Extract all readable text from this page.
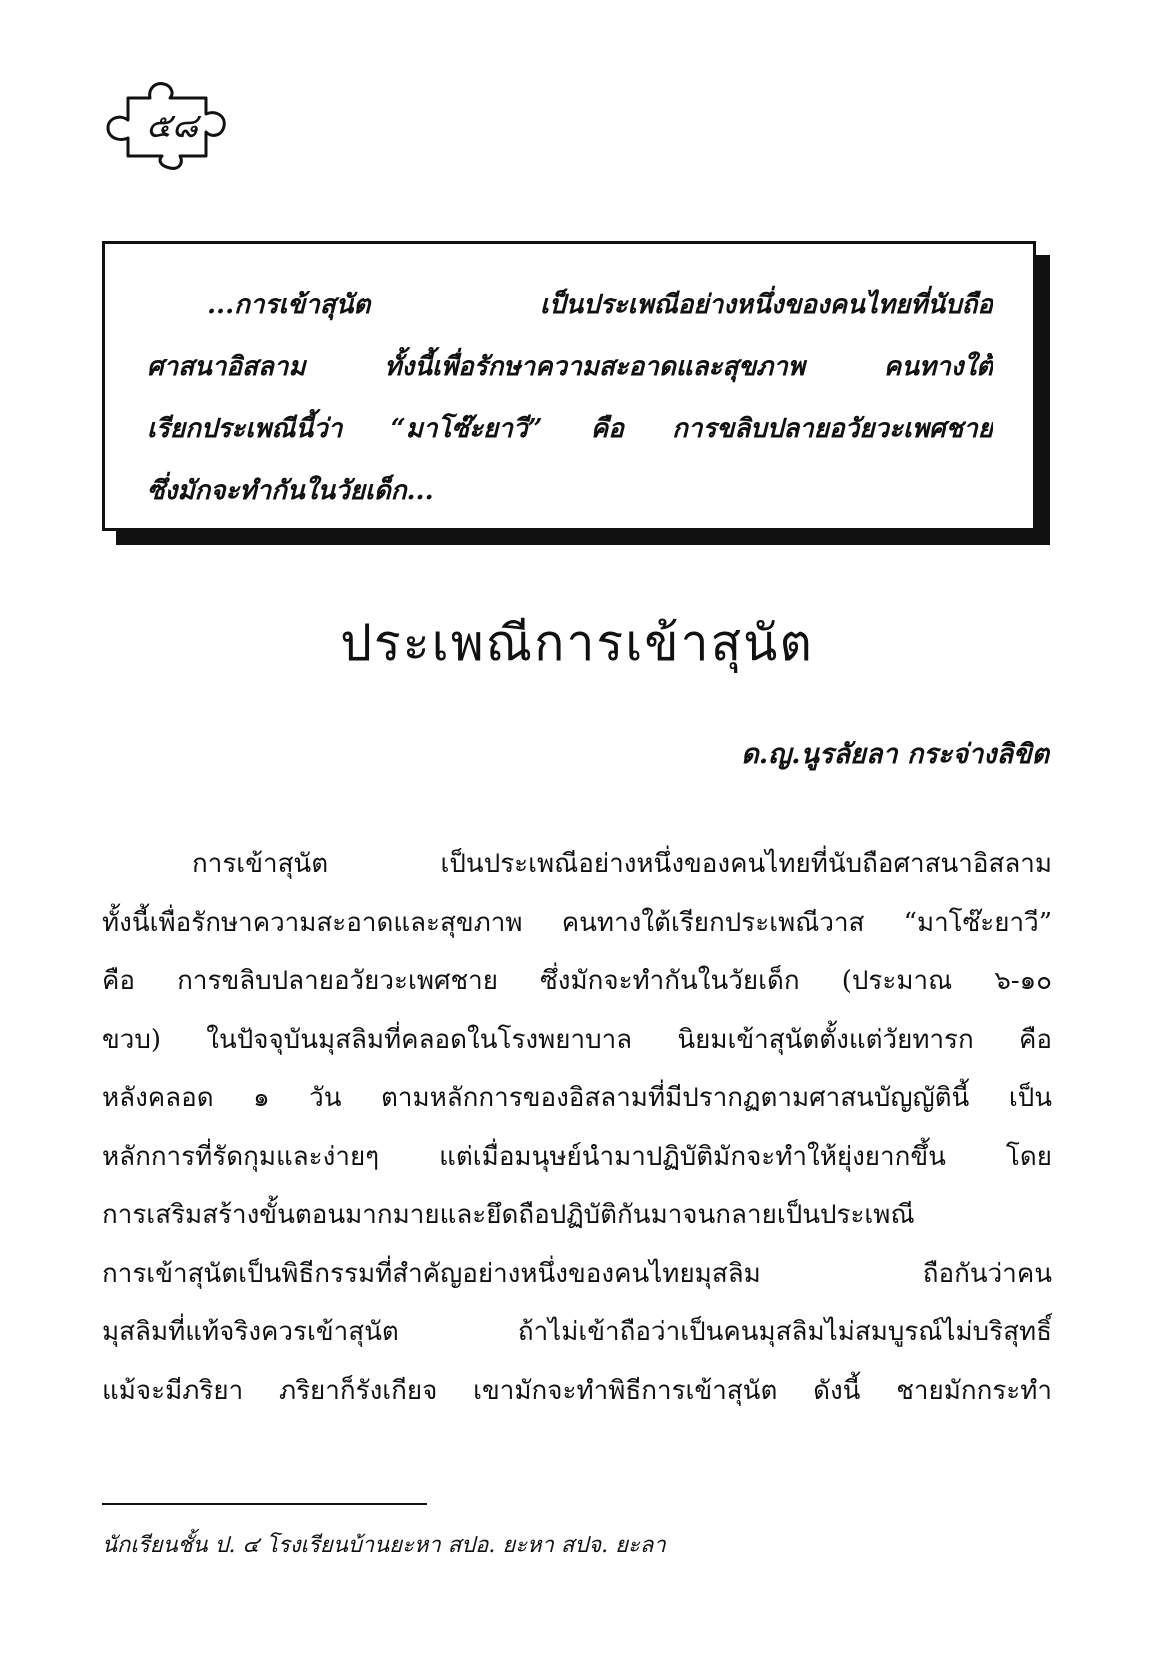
๕๘
...การเข้าสุนัต เป็นประเพณีอย่างหนึ่งของคนไทยที่นับถือ
ศาสนาอิสลาม ทั้งนี้เพื่อรักษาความสะอาดและสุขภาพ คนทางใต้
เรียกประเพณีนี้ว่า “มาโซ๊ะยาวี” คือ การขลิบปลายอวัยวะเพศชาย
ซึ่งมักจะทำกันในวัยเด็ก...
ประเพณีการเข้าสุนัต
ด.ญ.นูรลัยลา กระจ่างลิขิต
การเข้าสุนัต เป็นประเพณีอย่างหนึ่งของคนไทยที่นับถือศาสนาอิสลาม
ทั้งนี้เพื่อรักษาความสะอาดและสุขภาพ คนทางใต้เรียกประเพณีวาส “มาโซ๊ะยาวี”
คือ การขลิบปลายอวัยวะเพศชาย ซึ่งมักจะทำกันในวัยเด็ก (ประมาณ ๖-๑๐
ขวบ) ในปัจจุบันมุสลิมที่คลอดในโรงพยาบาล นิยมเข้าสุนัตตั้งแต่วัยทารก คือ
หลังคลอด ๑ วัน ตามหลักการของอิสลามที่มีปรากฏตามศาสนบัญญัตินี้ เป็น
หลักการที่รัดกุมและง่ายๆ แต่เมื่อมนุษย์นำมาปฏิบัติมักจะทำให้ยุ่งยากขึ้น โดย
การเสริมสร้างขั้นตอนมากมายและยึดถือปฏิบัติกันมาจนกลายเป็นประเพณี
การเข้าสุนัตเป็นพิธีกรรมที่สำคัญอย่างหนึ่งของคนไทยมุสลิม ถือกันว่าคน
มุสลิมที่แท้จริงควรเข้าสุนัต ถ้าไม่เข้าถือว่าเป็นคนมุสลิมไม่สมบูรณ์ไม่บริสุทธิ์
แม้จะมีภริยา ภริยาก็รังเกียจ เขามักจะทำพิธีการเข้าสุนัต ดังนี้ ชายมักกระทำ
นักเรียนชั้น ป. ๔ โรงเรียนบ้านยะหา สปอ. ยะหา สปจ. ยะลา
